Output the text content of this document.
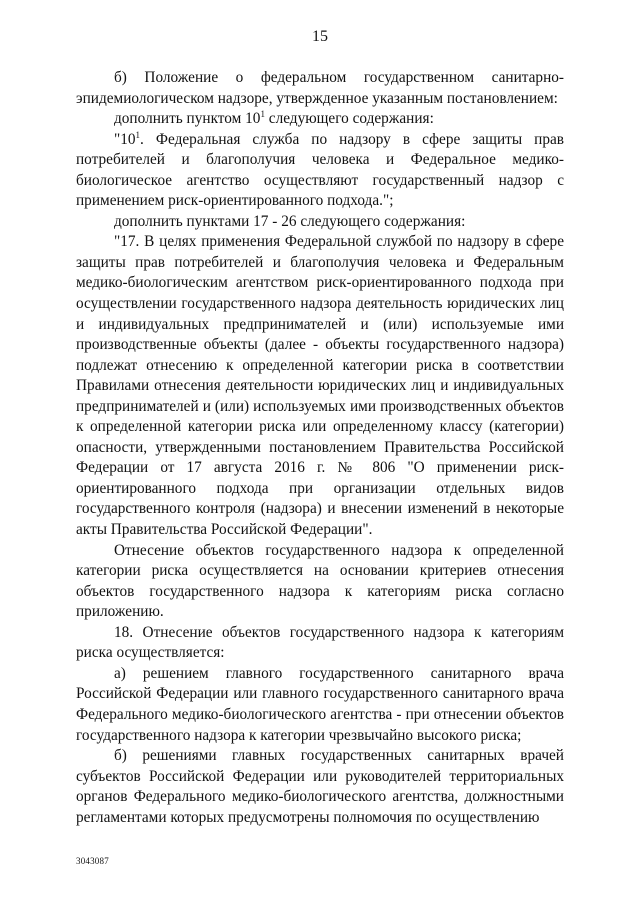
15

б) Положение о федеральном государственном санитарно-эпидемиологическом надзоре, утвержденное указанным постановлением:

дополнить пунктом $10^1$ следующего содержания:

"$10^1$. Федеральная служба по надзору в сфере защиты прав потребителей и благополучия человека и Федеральное медико-биологическое агентство осуществляют государственный надзор с применением риск-ориентированного подхода.";

дополнить пунктами 17 - 26 следующего содержания:

"17. В целях применения Федеральной службой по надзору в сфере защиты прав потребителей и благополучия человека и Федеральным медико-биологическим агентством риск-ориентированного подхода при осуществлении государственного надзора деятельность юридических лиц и индивидуальных предпринимателей и (или) используемые ими производственные объекты (далее - объекты государственного надзора) подлежат отнесению к определенной категории риска в соответствии Правилами отнесения деятельности юридических лиц и индивидуальных предпринимателей и (или) используемых ими производственных объектов к определенной категории риска или определенному классу (категории) опасности, утвержденными постановлением Правительства Российской Федерации от 17 августа 2016 г. № 806 "О применении риск-ориентированного подхода при организации отдельных видов государственного контроля (надзора) и внесении изменений в некоторые акты Правительства Российской Федерации".

Отнесение объектов государственного надзора к определенной категории риска осуществляется на основании критериев отнесения объектов государственного надзора к категориям риска согласно приложению.

18. Отнесение объектов государственного надзора к категориям риска осуществляется:

а) решением главного государственного санитарного врача Российской Федерации или главного государственного санитарного врача Федерального медико-биологического агентства - при отнесении объектов государственного надзора к категории чрезвычайно высокого риска;

б) решениями главных государственных санитарных врачей субъектов Российской Федерации или руководителей территориальных органов Федерального медико-биологического агентства, должностными регламентами которых предусмотрены полномочия по осуществлению

3043087
